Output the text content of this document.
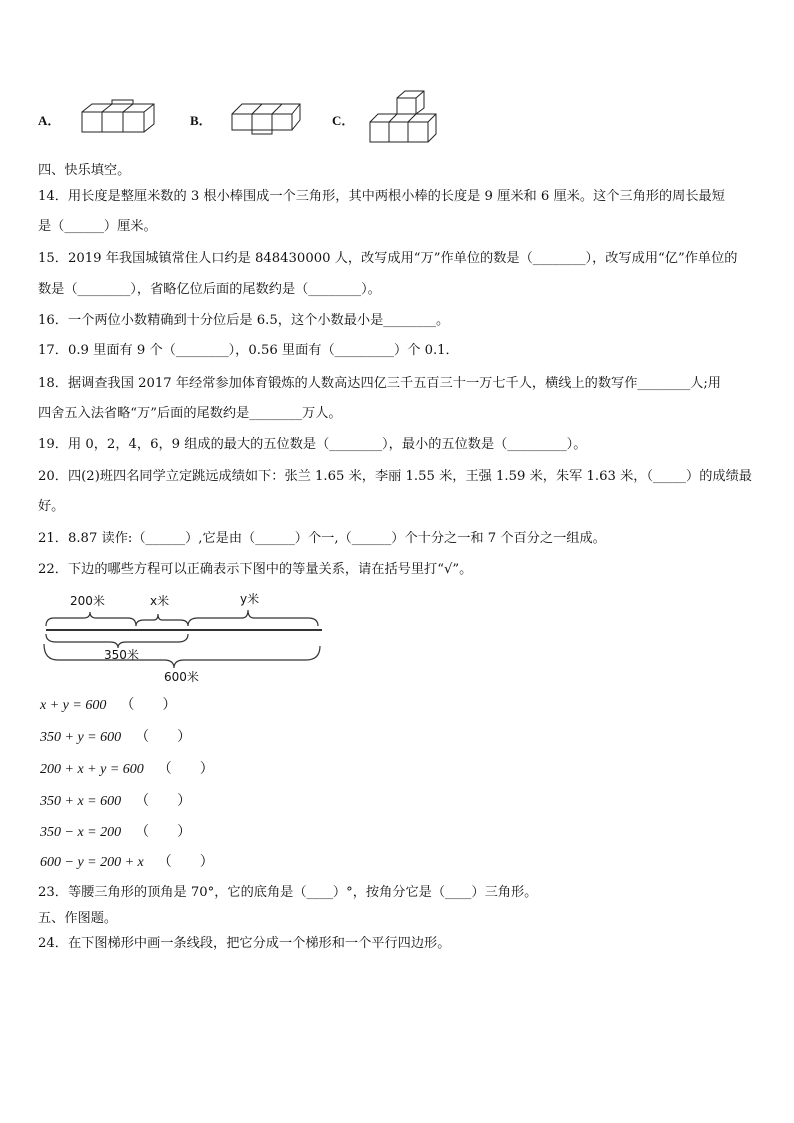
A．	B．	C．
四、快乐填空。
14．用长度是整厘米数的 3 根小棒围成一个三角形，其中两根小棒的长度是 9 厘米和 6 厘米。这个三角形的周长最短
是（______）厘米。
15．2019 年我国城镇常住人口约是 848430000 人，改写成用“万”作单位的数是（________），改写成用“亿”作单位的
数是（________），省略亿位后面的尾数约是（________）。
16．一个两位小数精确到十分位后是 6.5，这个小数最小是________。
17．0.9 里面有 9 个（________），0.56 里面有（_________）个 0.1．
18．据调查我国 2017 年经常参加体育锻炼的人数高达四亿三千五百三十一万七千人，横线上的数写作________人;用
四舍五入法省略“万”后面的尾数约是________万人。
19．用 0，2，4，6，9 组成的最大的五位数是（________），最小的五位数是（_________）。
20．四(2)班四名同学立定跳远成绩如下：张兰 1.65 米，李丽 1.55 米，王强 1.59 米，朱军 1.63 米，（_____）的成绩最
好。
21．8.87 读作:（______）,它是由（______）个一,（______）个十分之一和 7 个百分之一组成。
22．下边的哪些方程可以正确表示下图中的等量关系，请在括号里打“√”。
200米	x米	y米
350米
600米
x + y = 600 （　　）
350 + y = 600 （　　）
200 + x + y = 600 （　　）
350 + x = 600 （　　）
350 − x = 200 （　　）
600 − y = 200 + x （　　）
23．等腰三角形的顶角是 70°，它的底角是（____）°，按角分它是（____）三角形。
五、作图题。
24．在下图梯形中画一条线段，把它分成一个梯形和一个平行四边形。
